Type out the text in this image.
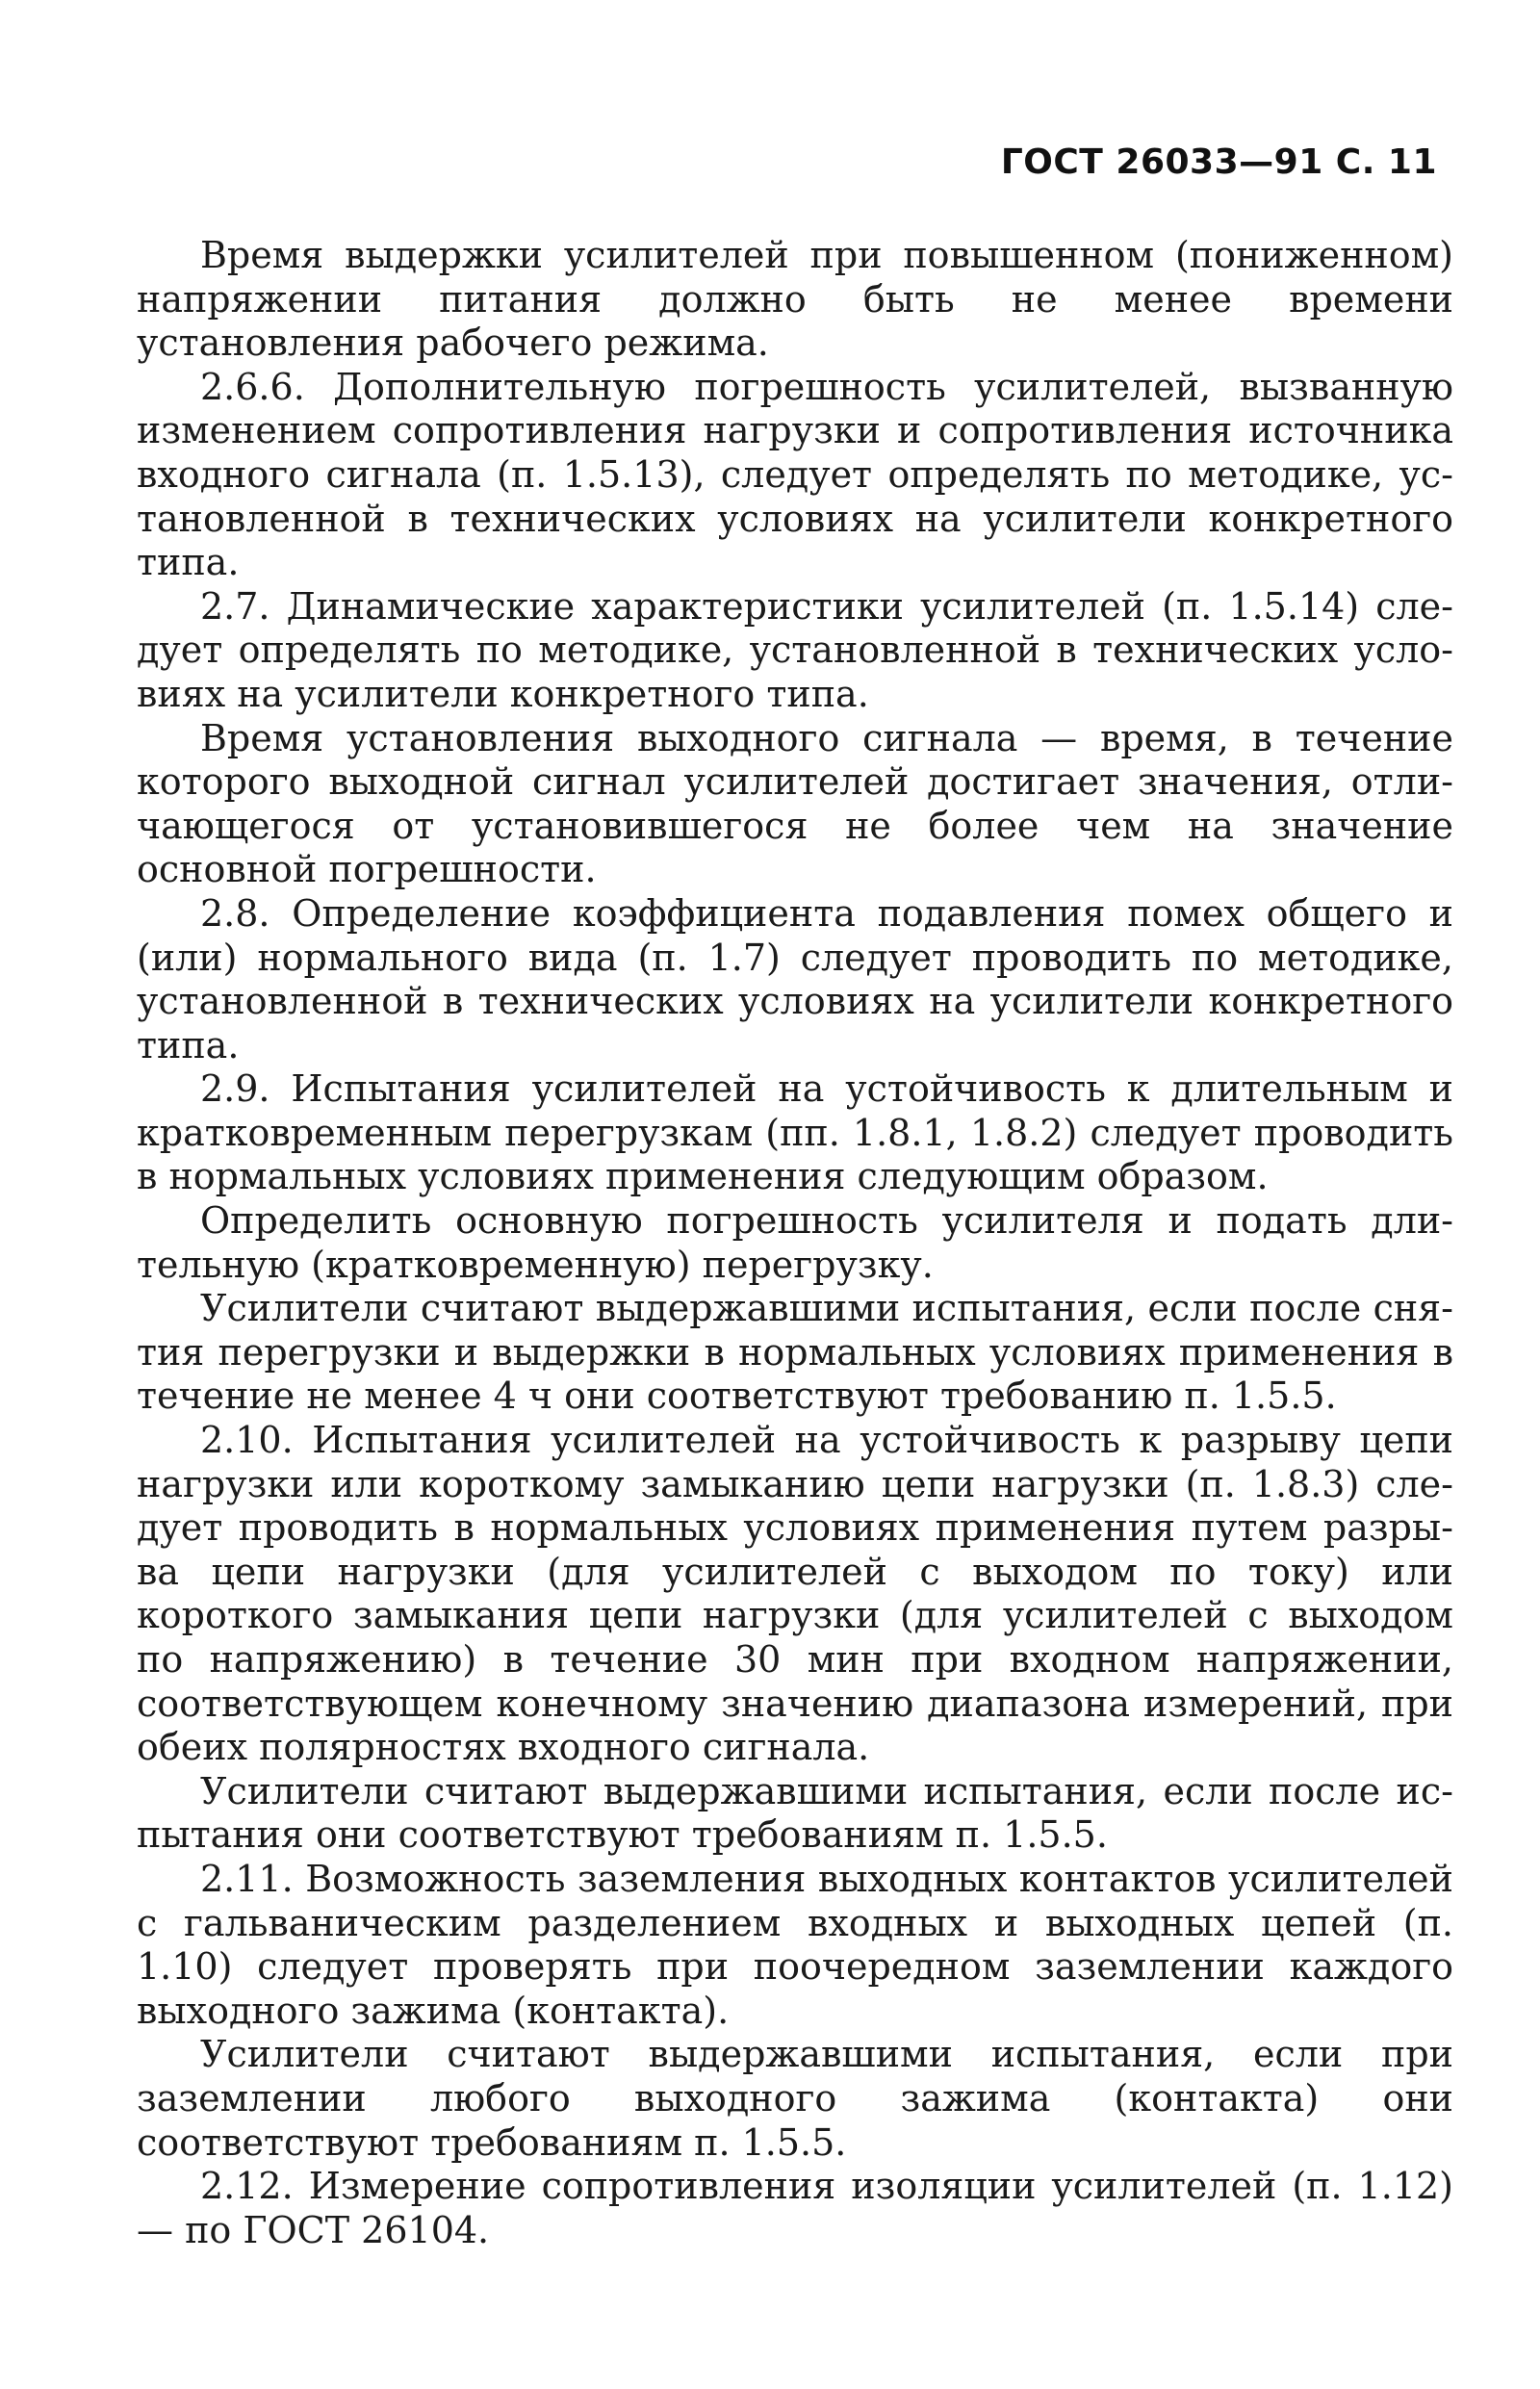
ГОСТ 26033—91 С. 11

Время выдержки усилителей при повышенном (пониженном) напряжении питания должно быть не менее времени установления рабочего режима.

2.6.6. Дополнительную погрешность усилителей, вызванную изменением сопротивления нагрузки и сопротивления источника входного сигнала (п. 1.5.13), следует определять по методике, установленной в технических условиях на усилители конкретного типа.

2.7. Динамические характеристики усилителей (п. 1.5.14) следует определять по методике, установленной в технических условиях на усилители конкретного типа.

Время установления выходного сигнала — время, в течение которого выходной сигнал усилителей достигает значения, отличающегося от установившегося не более чем на значение основной погрешности.

2.8. Определение коэффициента подавления помех общего и (или) нормального вида (п. 1.7) следует проводить по методике, установленной в технических условиях на усилители конкретного типа.

2.9. Испытания усилителей на устойчивость к длительным и кратковременным перегрузкам (пп. 1.8.1, 1.8.2) следует проводить в нормальных условиях применения следующим образом.

Определить основную погрешность усилителя и подать длительную (кратковременную) перегрузку.

Усилители считают выдержавшими испытания, если после снятия перегрузки и выдержки в нормальных условиях применения в течение не менее 4 ч они соответствуют требованию п. 1.5.5.

2.10. Испытания усилителей на устойчивость к разрыву цепи нагрузки или короткому замыканию цепи нагрузки (п. 1.8.3) следует проводить в нормальных условиях применения путем разрыва цепи нагрузки (для усилителей с выходом по току) или короткого замыкания цепи нагрузки (для усилителей с выходом по напряжению) в течение 30 мин при входном напряжении, соответствующем конечному значению диапазона измерений, при обеих полярностях входного сигнала.

Усилители считают выдержавшими испытания, если после испытания они соответствуют требованиям п. 1.5.5.

2.11. Возможность заземления выходных контактов усилителей с гальваническим разделением входных и выходных цепей (п. 1.10) следует проверять при поочередном заземлении каждого выходного зажима (контакта).

Усилители считают выдержавшими испытания, если при заземлении любого выходного зажима (контакта) они соответствуют требованиям п. 1.5.5.

2.12. Измерение сопротивления изоляции усилителей (п. 1.12) — по ГОСТ 26104.
